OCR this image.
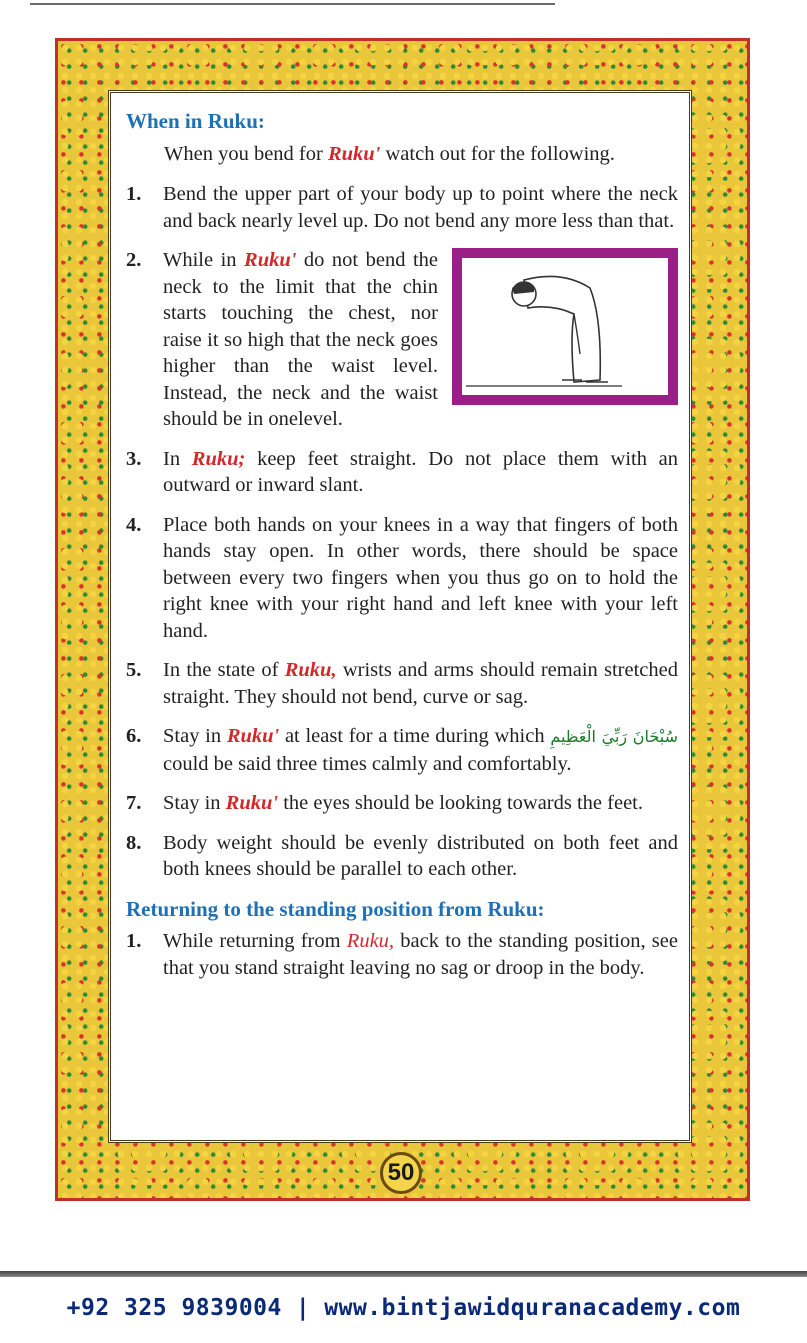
When in Ruku:

When you bend for Ruku' watch out for the following.

1.	Bend the upper part of your body up to point where the neck and back nearly level up. Do not bend any more less than that.
2.	While in Ruku' do not bend the neck to the limit that the chin starts touching the chest, nor raise it so high that the neck goes higher than the waist level. Instead, the neck and the waist should be in onelevel.
3.	In Ruku; keep feet straight. Do not place them with an outward or inward slant.
4.	Place both hands on your knees in a way that fingers of both hands stay open. In other words, there should be space between every two fingers when you thus go on to hold the right knee with your right hand and left knee with your left hand.
5.	In the state of Ruku, wrists and arms should remain stretched straight. They should not bend, curve or sag.
6.	Stay in Ruku' at least for a time during which سُبْحَانَ رَبِّيَ الْعَظِيمِ could be said three times calmly and comfortably.
7.	Stay in Ruku' the eyes should be looking towards the feet.
8.	Body weight should be evenly distributed on both feet and both knees should be parallel to each other.
Returning to the standing position from Ruku:
1.	While returning from Ruku, back to the standing position, see that you stand straight leaving no sag or droop in the body.
50
+92 325 9839004 | www.bintjawidquranacademy.com
